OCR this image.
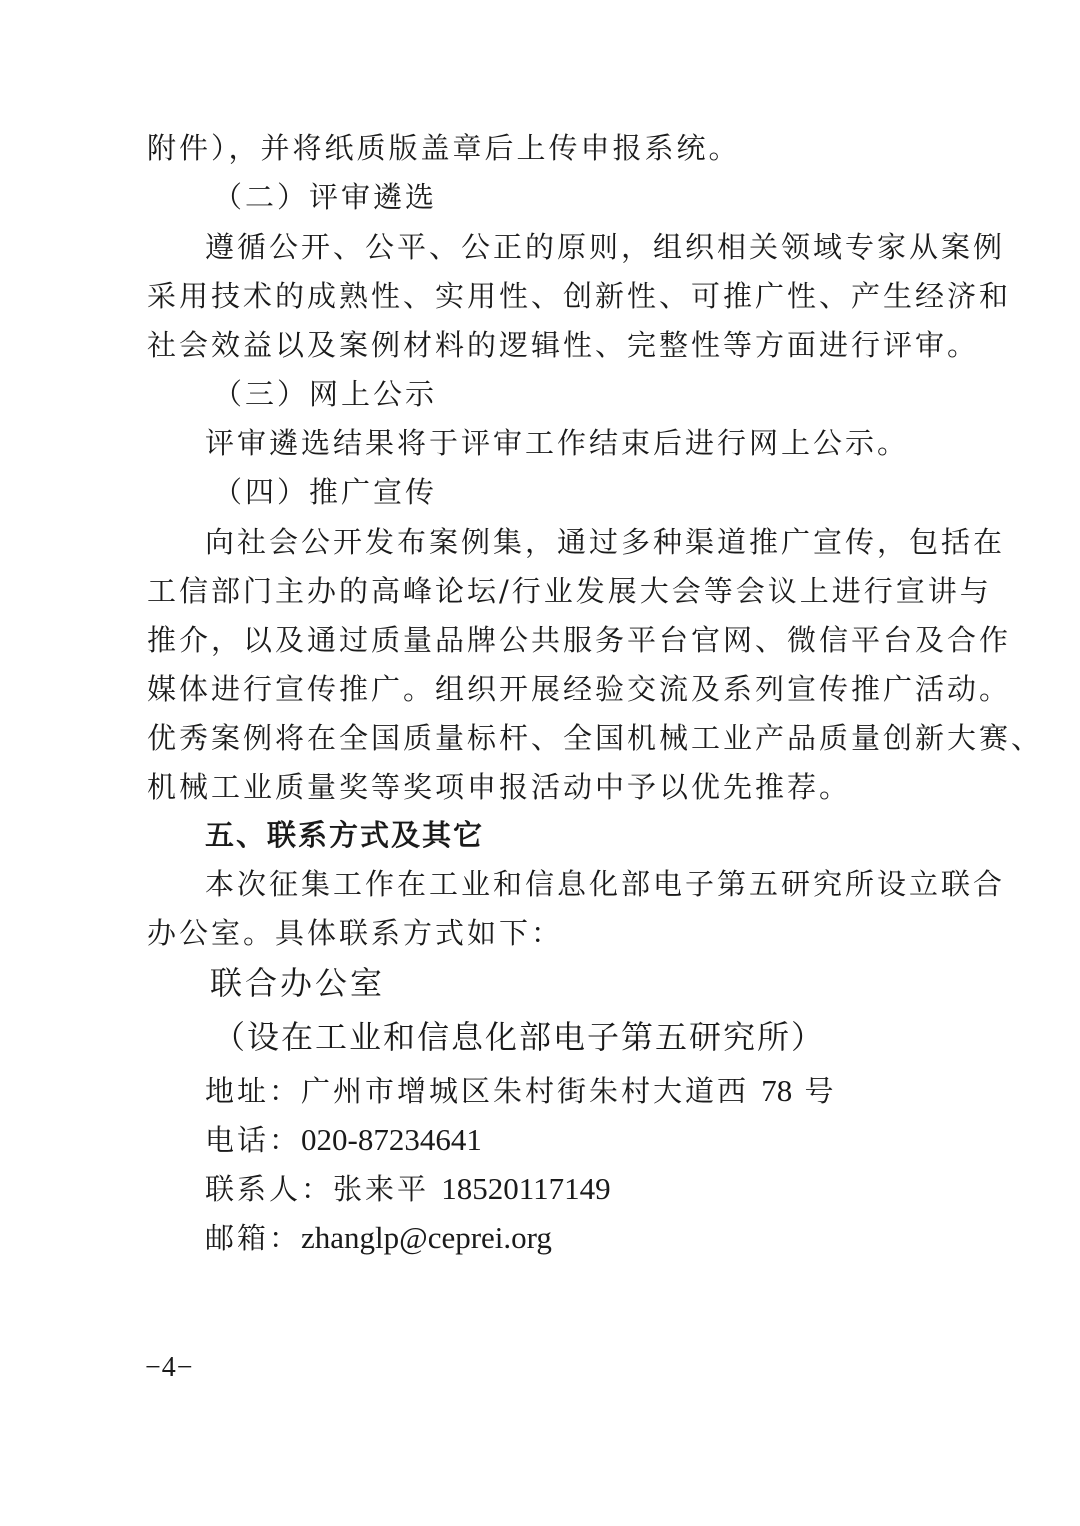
附件），并将纸质版盖章后上传申报系统。
（二）评审遴选
遵循公开、公平、公正的原则，组织相关领域专家从案例
采用技术的成熟性、实用性、创新性、可推广性、产生经济和
社会效益以及案例材料的逻辑性、完整性等方面进行评审。
（三）网上公示
评审遴选结果将于评审工作结束后进行网上公示。
（四）推广宣传
向社会公开发布案例集，通过多种渠道推广宣传，包括在
工信部门主办的高峰论坛/行业发展大会等会议上进行宣讲与
推介，以及通过质量品牌公共服务平台官网、微信平台及合作
媒体进行宣传推广。组织开展经验交流及系列宣传推广活动。
优秀案例将在全国质量标杆、全国机械工业产品质量创新大赛、
机械工业质量奖等奖项申报活动中予以优先推荐。
五、联系方式及其它
本次征集工作在工业和信息化部电子第五研究所设立联合
办公室。具体联系方式如下：
联合办公室
（设在工业和信息化部电子第五研究所）
地址：广州市增城区朱村街朱村大道西 78 号
电话：020-87234641
联系人：张来平 18520117149
邮箱：zhanglp@ceprei.org
−4−
